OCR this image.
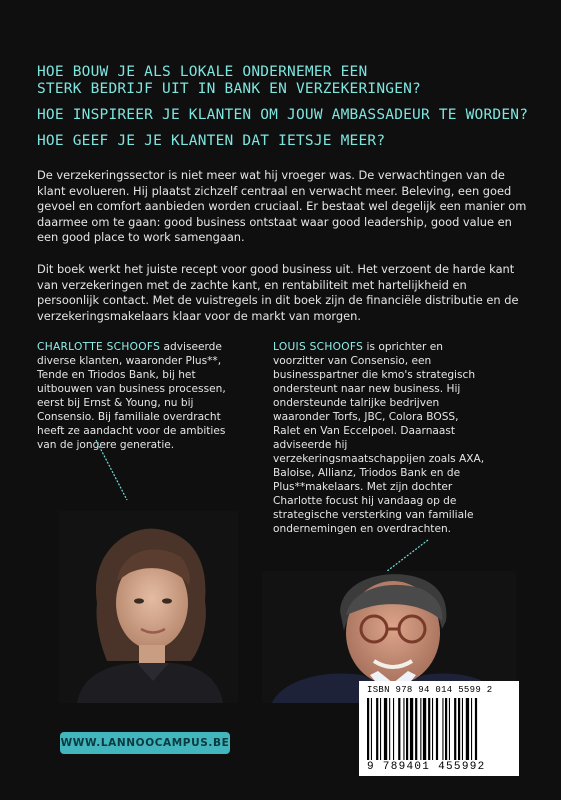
HOE BOUW JE ALS LOKALE ONDERNEMER EEN
STERK BEDRIJF UIT IN BANK EN VERZEKERINGEN?
HOE INSPIREER JE KLANTEN OM JOUW AMBASSADEUR TE WORDEN?
HOE GEEF JE JE KLANTEN DAT IETSJE MEER?
De verzekeringssector is niet meer wat hij vroeger was. De verwachtingen van de klant evolueren. Hij plaatst zichzelf centraal en verwacht meer. Beleving, een goed gevoel en comfort aanbieden worden cruciaal. Er bestaat wel degelijk een manier om daarmee om te gaan: good business ontstaat waar good leadership, good value en een good place to work samengaan.
Dit boek werkt het juiste recept voor good business uit. Het verzoent de harde kant van verzekeringen met de zachte kant, en rentabiliteit met hartelijkheid en persoonlijk contact. Met de vuistregels in dit boek zijn de financiële distributie en de verzekeringsmakelaars klaar voor de markt van morgen.
CHARLOTTE SCHOOFS adviseerde diverse klanten, waaronder Plus**, Tende en Triodos Bank, bij het uitbouwen van business processen, eerst bij Ernst & Young, nu bij Consensio. Bij familiale overdracht heeft ze aandacht voor de ambities van de jongere generatie.
LOUIS SCHOOFS is oprichter en voorzitter van Consensio, een businesspartner die kmo's strategisch ondersteunt naar new business. Hij ondersteunde talrijke bedrijven waaronder Torfs, JBC, Colora BOSS, Ralet en Van Eccelpoel. Daarnaast adviseerde hij verzekeringsmaatschappijen zoals AXA, Baloise, Allianz, Triodos Bank en de Plus**makelaars. Met zijn dochter Charlotte focust hij vandaag op de strategische versterking van familiale ondernemingen en overdrachten.
WWW.LANNOOCAMPUS.BE
ISBN 978 94 014 5599 2
9 789401 455992
